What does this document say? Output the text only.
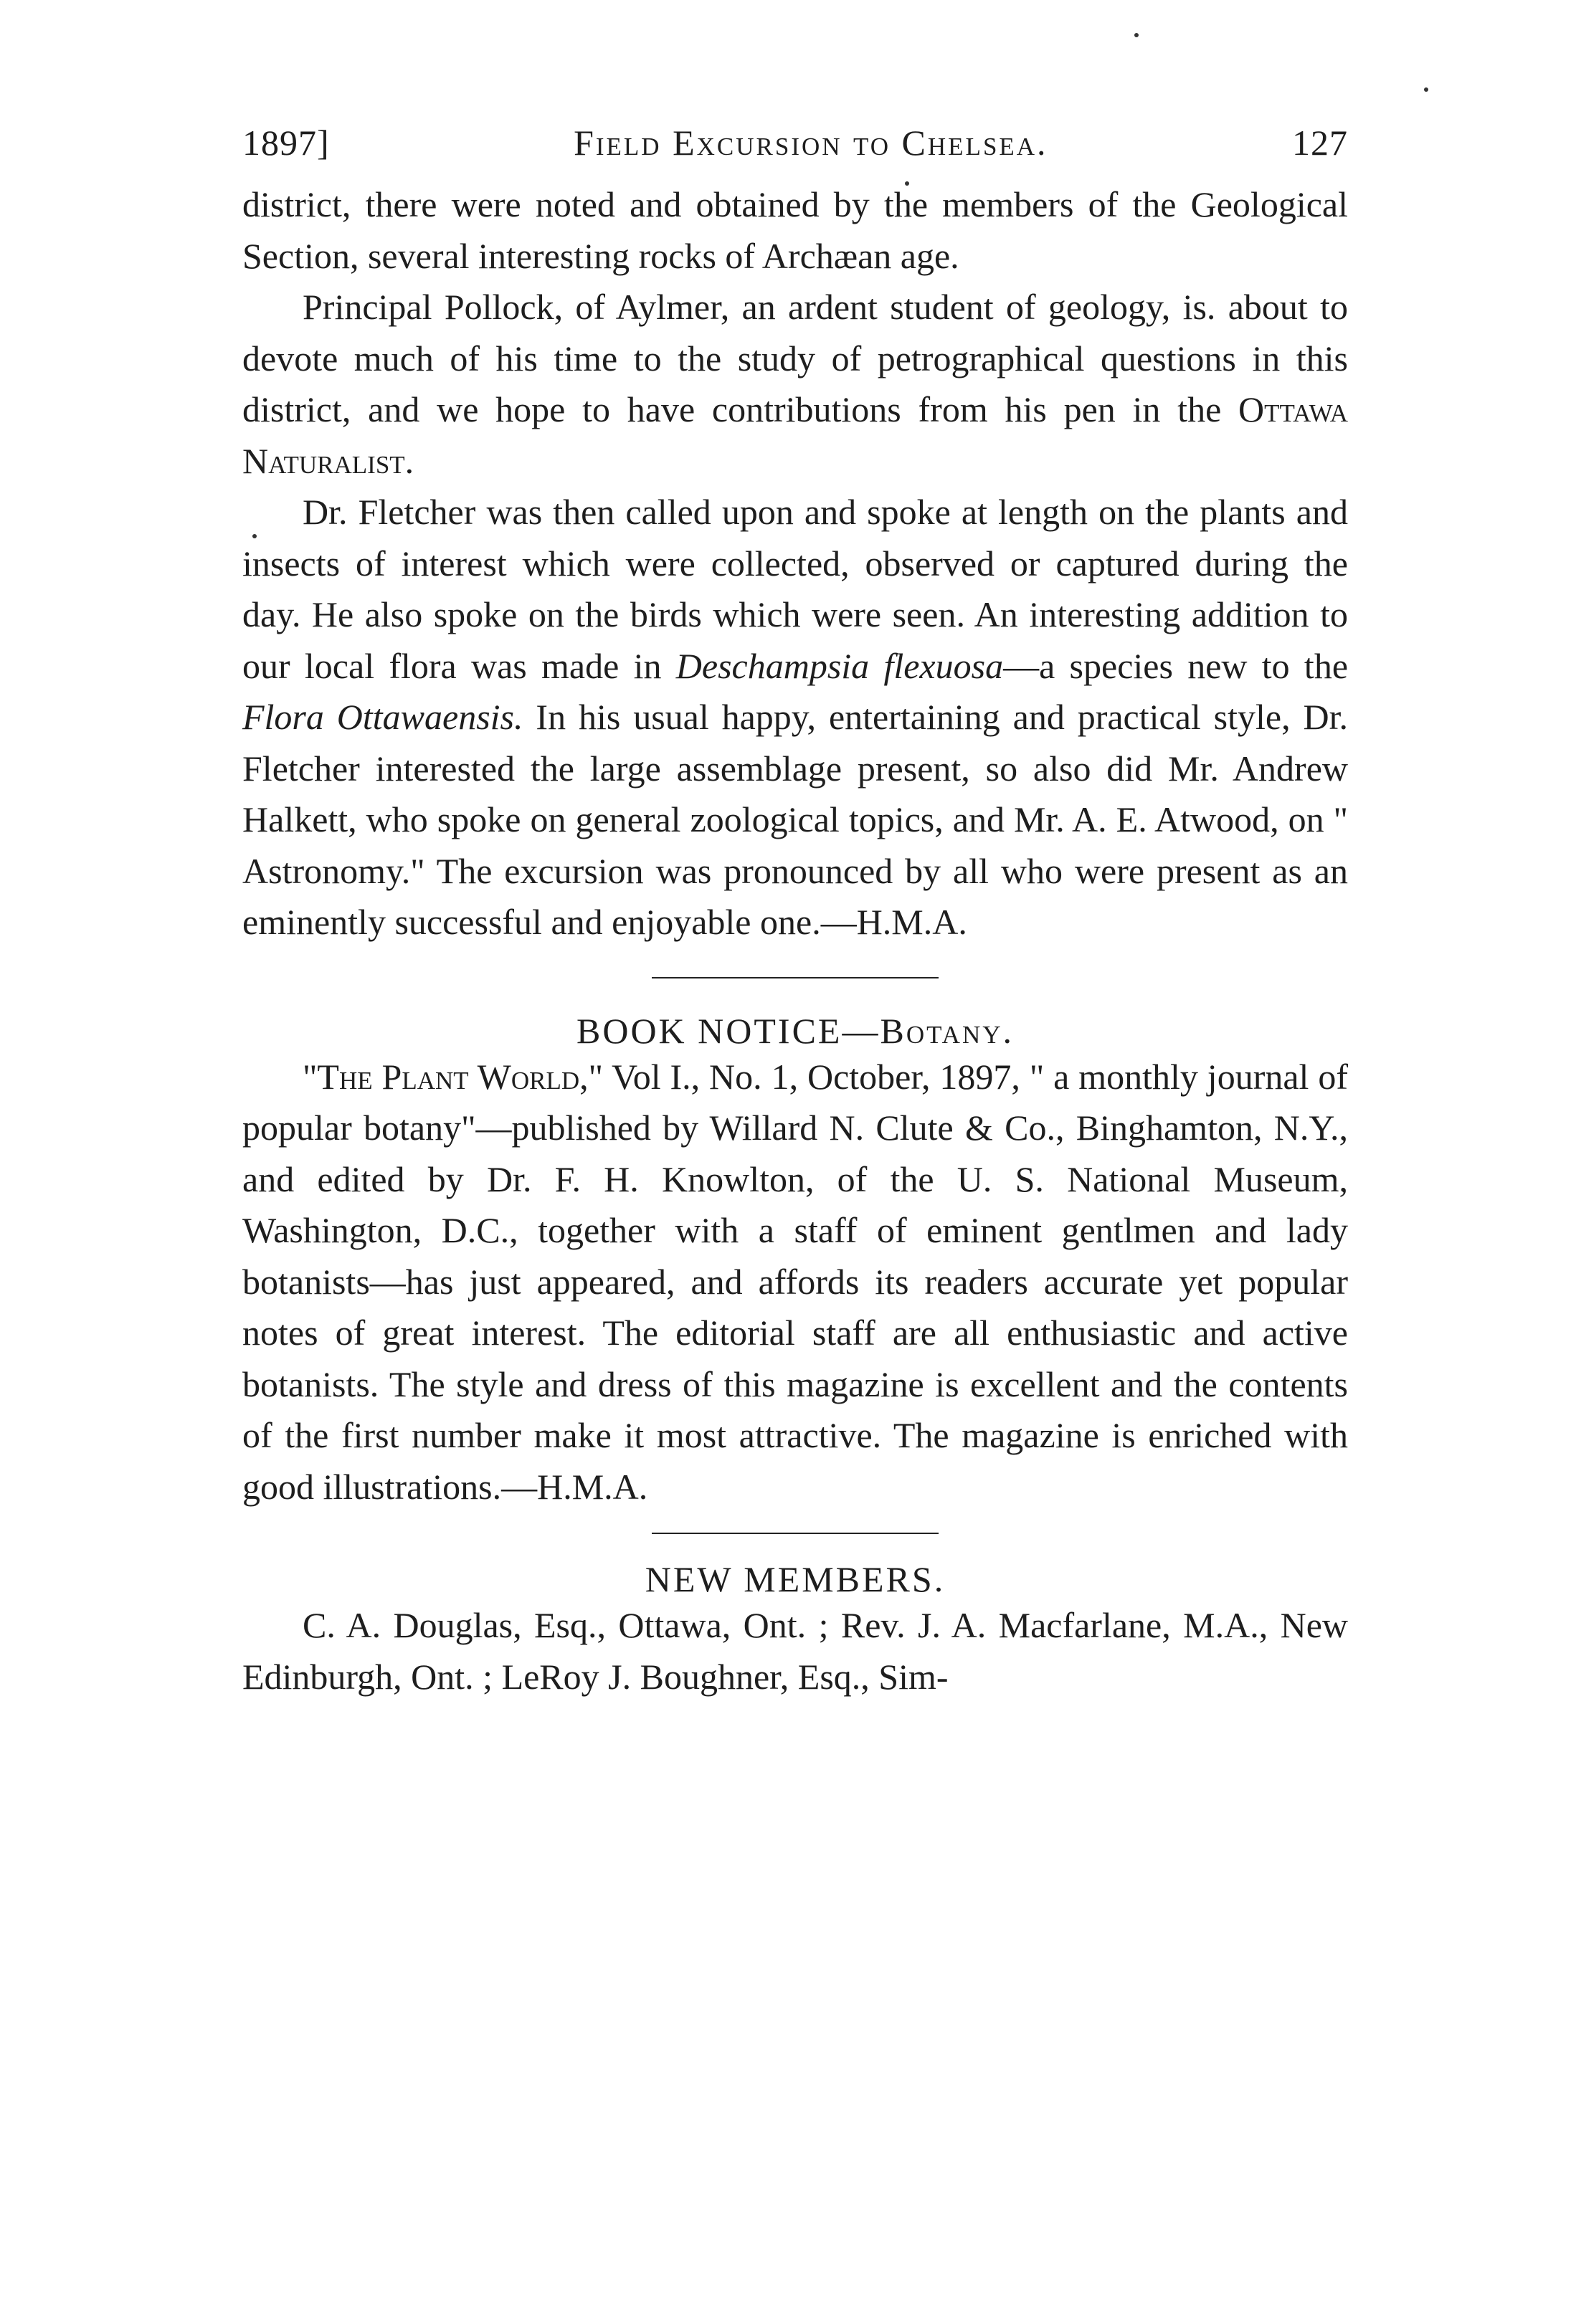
1897]	Field Excursion to Chelsea.	127

district, there were noted and obtained by the members of the Geological Section, several interesting rocks of Archæan age.

Principal Pollock, of Aylmer, an ardent student of geology, is. about to devote much of his time to the study of petrographical questions in this district, and we hope to have contributions from his pen in the Ottawa Naturalist.

Dr. Fletcher was then called upon and spoke at length on the plants and insects of interest which were collected, observed or captured during the day. He also spoke on the birds which were seen. An interesting addition to our local flora was made in Deschampsia flexuosa—a species new to the Flora Ottawaensis. In his usual happy, entertaining and practical style, Dr. Fletcher interested the large assemblage present, so also did Mr. Andrew Halkett, who spoke on general zoological topics, and Mr. A. E. Atwood, on " Astronomy." The excursion was pronounced by all who were present as an eminently successful and enjoyable one.—H.M.A.

BOOK NOTICE—Botany.

"The Plant World," Vol I., No. 1, October, 1897, " a monthly journal of popular botany"—published by Willard N. Clute & Co., Binghamton, N.Y., and edited by Dr. F. H. Knowlton, of the U. S. National Museum, Washington, D.C., together with a staff of eminent gentlmen and lady botanists—has just appeared, and affords its readers accurate yet popular notes of great interest. The editorial staff are all enthusiastic and active botanists. The style and dress of this magazine is excellent and the contents of the first number make it most attractive. The magazine is enriched with good illustrations.—H.M.A.

NEW MEMBERS.

C. A. Douglas, Esq., Ottawa, Ont. ; Rev. J. A. Macfarlane, M.A., New Edinburgh, Ont. ; LeRoy J. Boughner, Esq., Sim-
